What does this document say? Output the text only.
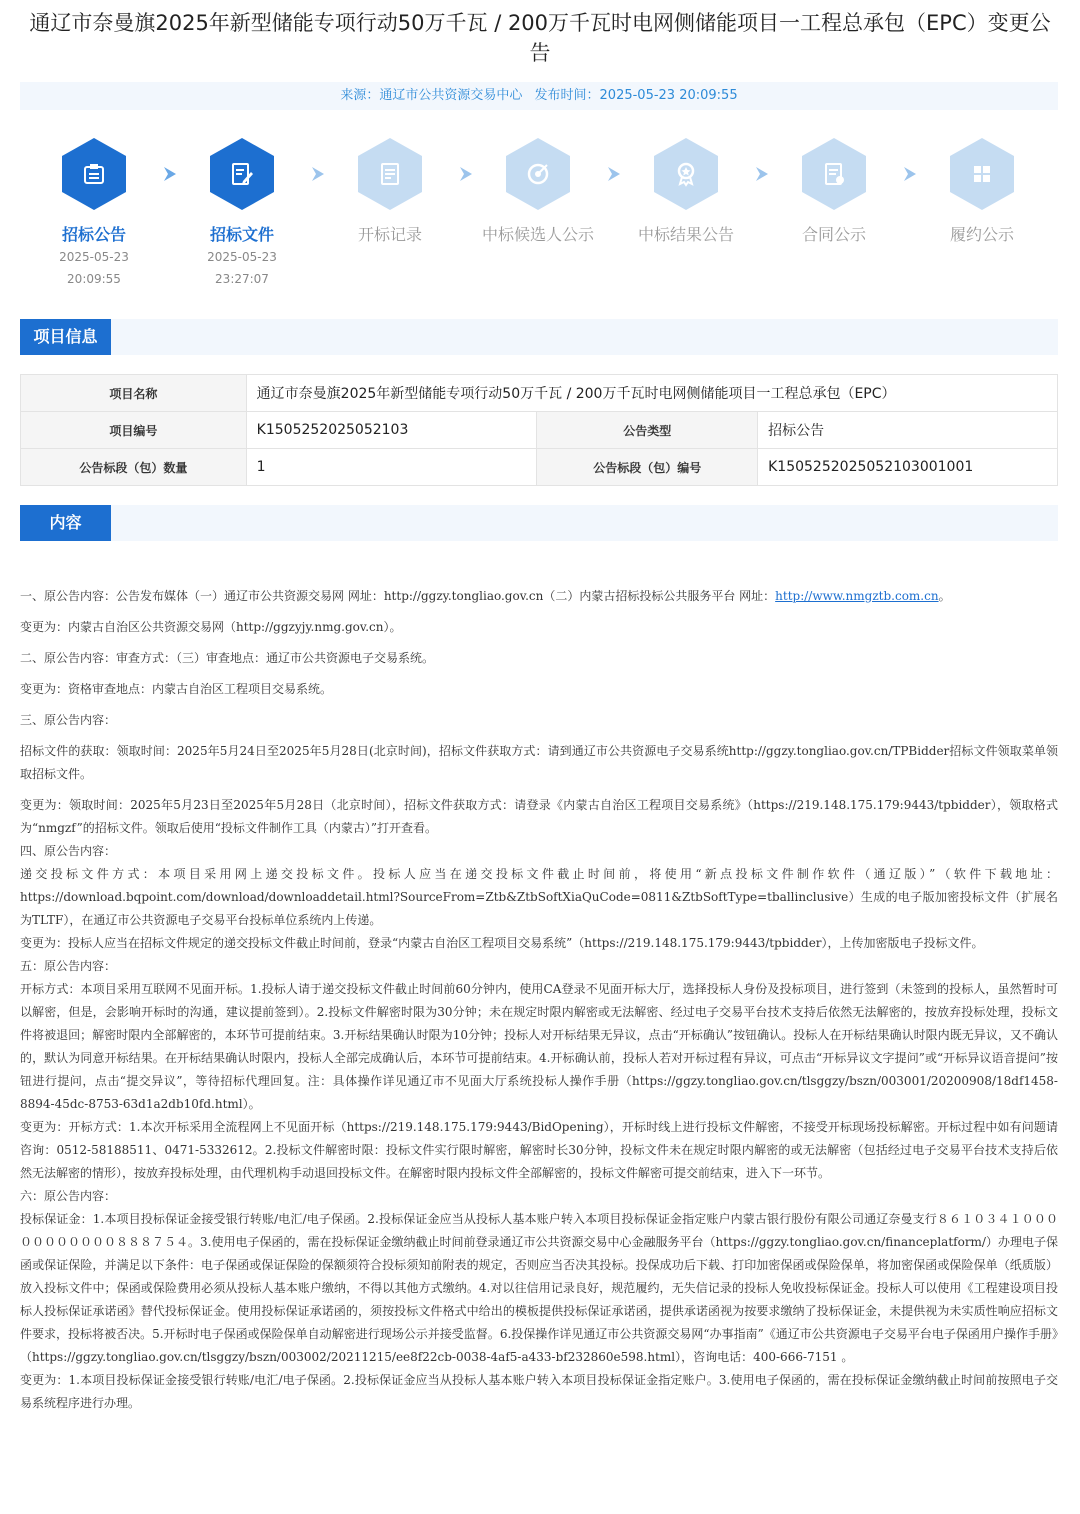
通辽市奈曼旗2025年新型储能专项行动50万千瓦 / 200万千瓦时电网侧储能项目一工程总承包（EPC）变更公告
来源：通辽市公共资源交易中心 发布时间：2025-05-23 20:09:55
招标公告
2025-05-23
20:09:55
招标文件
2025-05-23
23:27:07
开标记录	中标候选人公示	中标结果公告	合同公示	履约公示
项目信息
项目名称	通辽市奈曼旗2025年新型储能专项行动50万千瓦 / 200万千瓦时电网侧储能项目一工程总承包（EPC）		
项目编号	K1505252025052103	公告类型	招标公告
公告标段（包）数量	1	公告标段（包）编号	K1505252025052103001001
内容

一、原公告内容：公告发布媒体（一）通辽市公共资源交易网 网址：http://ggzy.tongliao.gov.cn（二）内蒙古招标投标公共服务平台 网址：http://www.nmgztb.com.cn。

变更为：内蒙古自治区公共资源交易网（http://ggzyjy.nmg.gov.cn）。

二、原公告内容：审查方式：（三）审查地点：通辽市公共资源电子交易系统。

变更为：资格审查地点：内蒙古自治区工程项目交易系统。

三、原公告内容：

招标文件的获取：领取时间：2025年5月24日至2025年5月28日(北京时间)，招标文件获取方式：请到通辽市公共资源电子交易系统http://ggzy.tongliao.gov.cn/TPBidder招标文件领取菜单领取招标文件。

变更为：领取时间：2025年5月23日至2025年5月28日（北京时间），招标文件获取方式：请登录《内蒙古自治区工程项目交易系统》（https://219.148.175.179:9443/tpbidder），领取格式为“nmgzf”的招标文件。领取后使用“投标文件制作工具（内蒙古）”打开查看。

四、原公告内容：

递交投标文件方式：本项目采用网上递交投标文件。投标人应当在递交投标文件截止时间前，将使用“新点投标文件制作软件（通辽版）”（软件下载地址：https://download.bqpoint.com/download/downloaddetail.html?SourceFrom=Ztb&ZtbSoftXiaQuCode=0811&ZtbSoftType=tballinclusive）生成的电子版加密投标文件（扩展名为TLTF），在通辽市公共资源电子交易平台投标单位系统内上传递。

变更为：投标人应当在招标文件规定的递交投标文件截止时间前，登录“内蒙古自治区工程项目交易系统”（https://219.148.175.179:9443/tpbidder），上传加密版电子投标文件。

五：原公告内容：

开标方式：本项目采用互联网不见面开标。1.投标人请于递交投标文件截止时间前60分钟内，使用CA登录不见面开标大厅，选择投标人身份及投标项目，进行签到（未签到的投标人，虽然暂时可以解密，但是，会影响开标时的沟通，建议提前签到）。2.投标文件解密时限为30分钟；未在规定时限内解密或无法解密、经过电子交易平台技术支持后依然无法解密的，按放弃投标处理，投标文件将被退回；解密时限内全部解密的，本环节可提前结束。3.开标结果确认时限为10分钟；投标人对开标结果无异议，点击“开标确认”按钮确认。投标人在开标结果确认时限内既无异议，又不确认的，默认为同意开标结果。在开标结果确认时限内，投标人全部完成确认后，本环节可提前结束。4.开标确认前，投标人若对开标过程有异议，可点击“开标异议文字提问”或“开标异议语音提问”按钮进行提问，点击“提交异议”，等待招标代理回复。注：具体操作详见通辽市不见面大厅系统投标人操作手册（https://ggzy.tongliao.gov.cn/tlsggzy/bszn/003001/20200908/18df1458-8894-45dc-8753-63d1a2db10fd.html）。

变更为：开标方式：1.本次开标采用全流程网上不见面开标（https://219.148.175.179:9443/BidOpening），开标时线上进行投标文件解密，不接受开标现场投标解密。开标过程中如有问题请咨询：0512-58188511、0471-5332612。2.投标文件解密时限：投标文件实行限时解密，解密时长30分钟，投标文件未在规定时限内解密的或无法解密（包括经过电子交易平台技术支持后依然无法解密的情形），按放弃投标处理，由代理机构手动退回投标文件。在解密时限内投标文件全部解密的，投标文件解密可提交前结束，进入下一环节。

六：原公告内容：

投标保证金：1.本项目投标保证金接受银行转账/电汇/电子保函。2.投标保证金应当从投标人基本账户转入本项目投标保证金指定账户内蒙古银行股份有限公司通辽奈曼支行８６１０３４１０００００００００００８８８７５４。3.使用电子保函的，需在投标保证金缴纳截止时间前登录通辽市公共资源交易中心金融服务平台（https://ggzy.tongliao.gov.cn/financeplatform/）办理电子保函或保证保险，并满足以下条件：电子保函或保证保险的保额须符合投标须知前附表的规定，否则应当否决其投标。投保成功后下载、打印加密保函或保险保单，将加密保函或保险保单（纸质版）放入投标文件中；保函或保险费用必须从投标人基本账户缴纳，不得以其他方式缴纳。4.对以往信用记录良好，规范履约，无失信记录的投标人免收投标保证金。投标人可以使用《工程建设项目投标人投标保证承诺函》替代投标保证金。使用投标保证承诺函的，须按投标文件格式中给出的模板提供投标保证承诺函，提供承诺函视为按要求缴纳了投标保证金，未提供视为未实质性响应招标文件要求，投标将被否决。5.开标时电子保函或保险保单自动解密进行现场公示并接受监督。6.投保操作详见通辽市公共资源交易网“办事指南”《通辽市公共资源电子交易平台电子保函用户操作手册》（https://ggzy.tongliao.gov.cn/tlsggzy/bszn/003002/20211215/ee8f22cb-0038-4af5-a433-bf232860e598.html），咨询电话：400-666-7151 。

变更为：1.本项目投标保证金接受银行转账/电汇/电子保函。2.投标保证金应当从投标人基本账户转入本项目投标保证金指定账户。3.使用电子保函的，需在投标保证金缴纳截止时间前按照电子交易系统程序进行办理。
